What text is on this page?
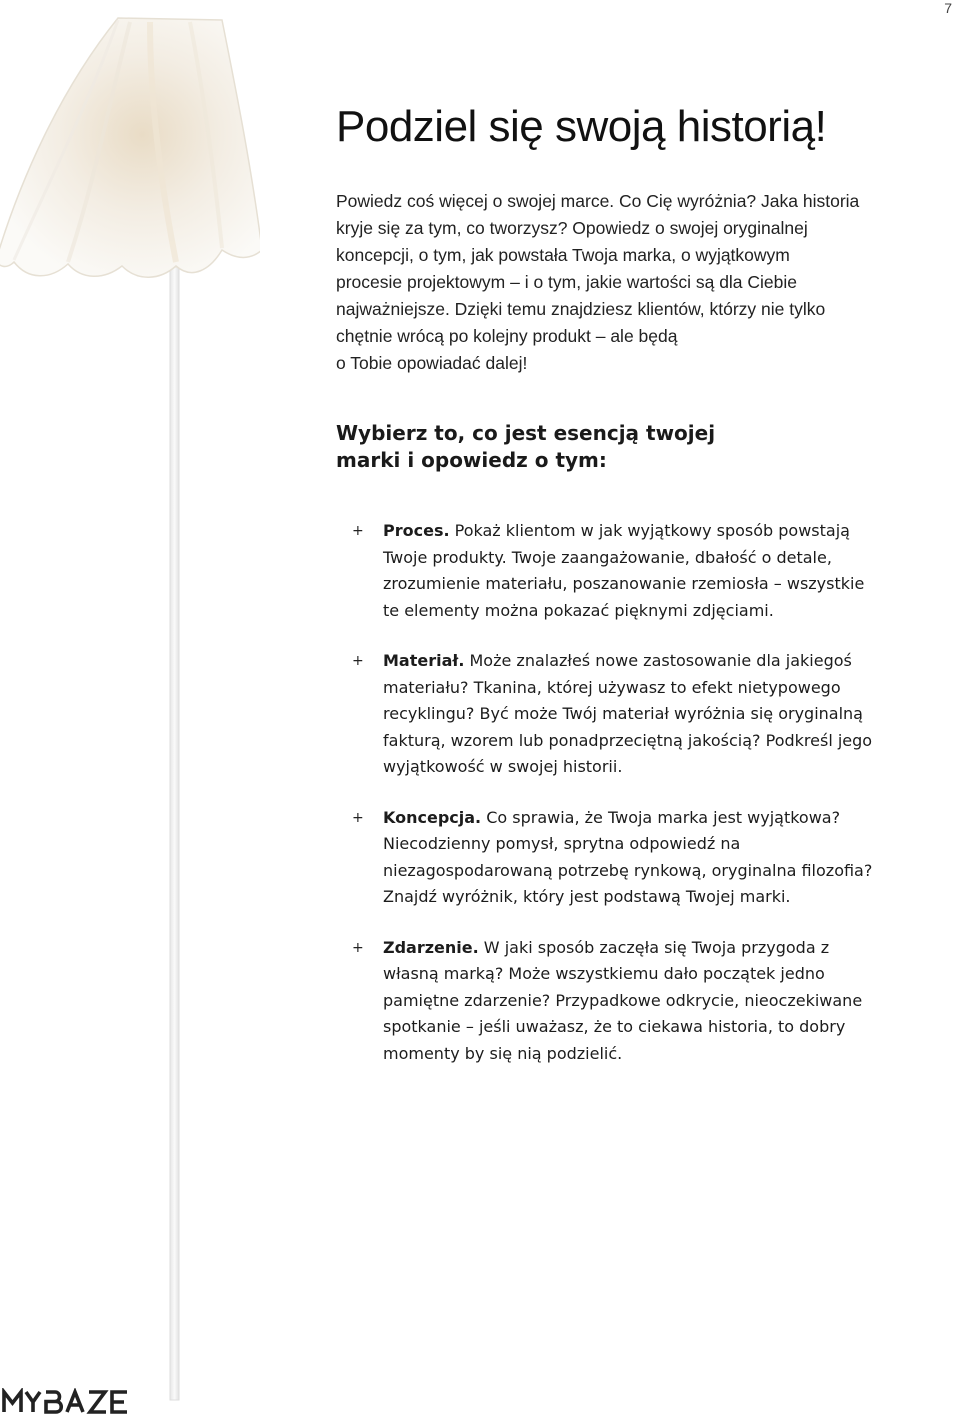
7
Podziel się swoją historią!

Powiedz coś więcej o swojej marce. Co Cię wyróżnia? Jaka historia
kryje się za tym, co tworzysz? Opowiedz o swojej oryginalnej
koncepcji, o tym, jak powstała Twoja marka, o wyjątkowym
procesie projektowym – i o tym, jakie wartości są dla Ciebie
najważniejsze. Dzięki temu znajdziesz klientów, którzy nie tylko
chętnie wrócą po kolejny produkt – ale będą
o Tobie opowiadać dalej!

Wybierz to, co jest esencją twojej
marki i opowiedz o tym:
+ Proces. Pokaż klientom w jak wyjątkowy sposób powstają
Twoje produkty. Twoje zaangażowanie, dbałość o detale,
zrozumienie materiału, poszanowanie rzemiosła – wszystkie
te elementy można pokazać pięknymi zdjęciami.

+ Materiał. Może znalazłeś nowe zastosowanie dla jakiegoś
materiału? Tkanina, której używasz to efekt nietypowego
recyklingu? Być może Twój materiał wyróżnia się oryginalną
fakturą, wzorem lub ponadprzeciętną jakością? Podkreśl jego
wyjątkowość w swojej historii.

+ Koncepcja. Co sprawia, że Twoja marka jest wyjątkowa?
Niecodzienny pomysł, sprytna odpowiedź na
niezagospodarowaną potrzebę rynkową, oryginalna filozofia?
Znajdź wyróżnik, który jest podstawą Twojej marki.

+ Zdarzenie. W jaki sposób zaczęła się Twoja przygoda z
własną marką? Może wszystkiemu dało początek jedno
pamiętne zdarzenie? Przypadkowe odkrycie, nieoczekiwane
spotkanie – jeśli uważasz, że to ciekawa historia, to dobry
momenty by się nią podzielić.
